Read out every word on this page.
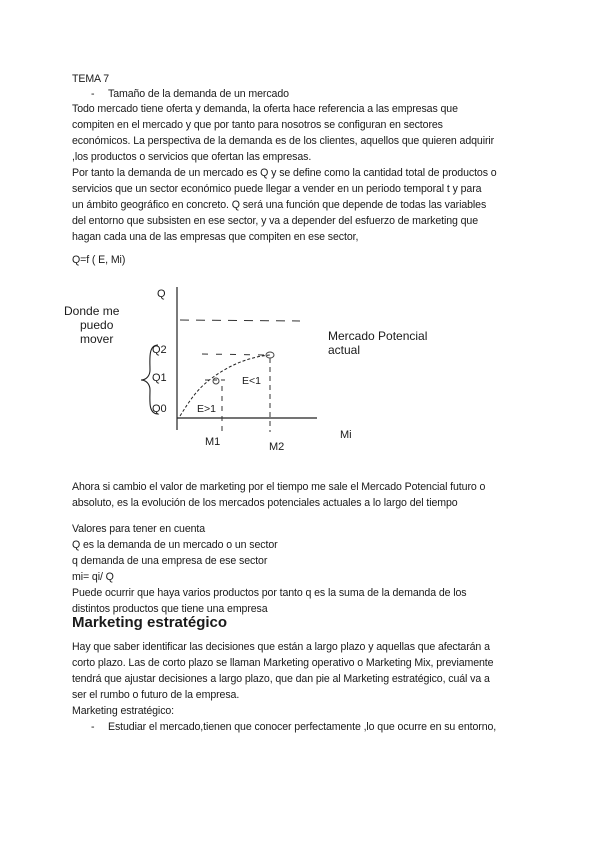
TEMA 7
- Tamaño de la demanda de un mercado
Todo mercado tiene oferta y demanda, la oferta hace referencia a las empresas que
compiten en el mercado y que por tanto para nosotros se configuran en sectores
económicos. La perspectiva de la demanda es de los clientes, aquellos que quieren adquirir
,los productos o servicios que ofertan las empresas.
Por tanto la demanda de un mercado es Q y se define como la cantidad total de productos o
servicios que un sector económico puede llegar a vender en un periodo temporal t y para
un ámbito geográfico en concreto. Q será una función que depende de todas las variables
del entorno que subsisten en ese sector, y va a depender del esfuerzo de marketing que
hagan cada una de las empresas que compiten en ese sector,
Q=f ( E, Mi)
Donde me
puedo
mover
Q
Mi
Q2
Q1
Q0
M1	M2
Mercado Potencial
actual
E<1
E>1
Ahora si cambio el valor de marketing por el tiempo me sale el Mercado Potencial futuro o
absoluto, es la evolución de los mercados potenciales actuales a lo largo del tiempo
Valores para tener en cuenta
Q es la demanda de un mercado o un sector
q demanda de una empresa de ese sector
mi= qi/ Q
Puede ocurrir que haya varios productos por tanto q es la suma de la demanda de los
distintos productos que tiene una empresa
Marketing estratégico
Hay que saber identificar las decisiones que están a largo plazo y aquellas que afectarán a
corto plazo. Las de corto plazo se llaman Marketing operativo o Marketing Mix, previamente
tendrá que ajustar decisiones a largo plazo, que dan pie al Marketing estratégico, cuál va a
ser el rumbo o futuro de la empresa.
Marketing estratégico:
- Estudiar el mercado,tienen que conocer perfectamente ,lo que ocurre en su entorno,
